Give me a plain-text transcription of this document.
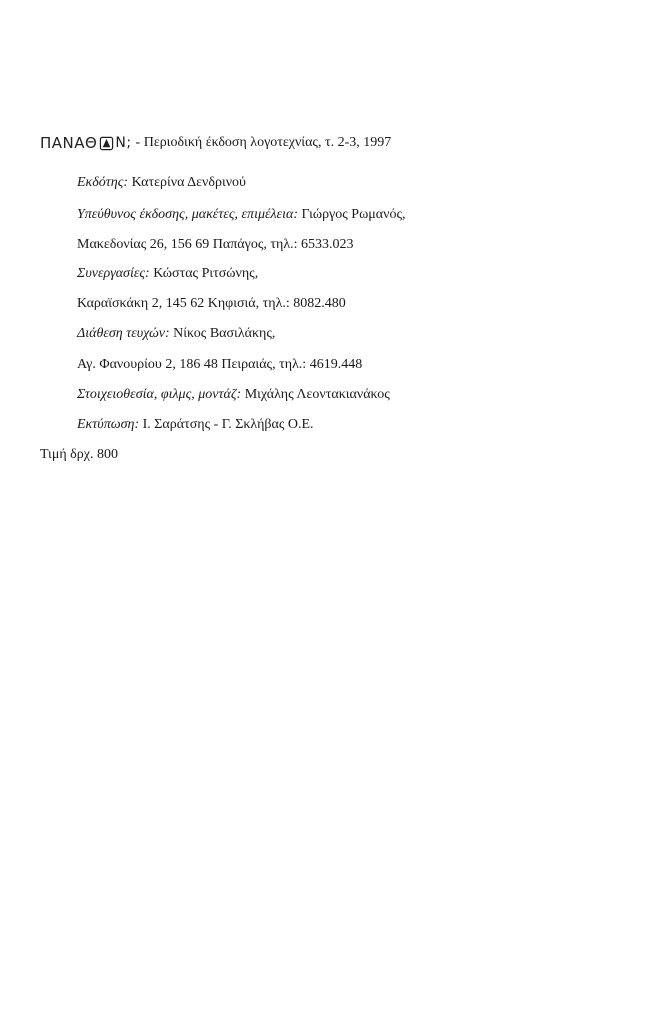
ΠΑΝΑΘ Ν; - Περιοδική έκδοση λογοτεχνίας, τ. 2-3, 1997
Εκδότης: Κατερίνα Δενδρινού
Υπεύθυνος έκδοσης, μακέτες, επιμέλεια: Γιώργος Ρωμανός,
Μακεδονίας 26, 156 69 Παπάγος, τηλ.: 6533.023
Συνεργασίες: Κώστας Ριτσώνης,
Καραϊσκάκη 2, 145 62 Κηφισιά, τηλ.: 8082.480
Διάθεση τευχών: Νίκος Βασιλάκης,
Αγ. Φανουρίου 2, 186 48 Πειραιάς, τηλ.: 4619.448
Στοιχειοθεσία, φιλμς, μοντάζ: Μιχάλης Λεοντακιανάκος
Εκτύπωση: Ι. Σαράτσης - Γ. Σκλήβας Ο.Ε.
Τιμή δρχ. 800
